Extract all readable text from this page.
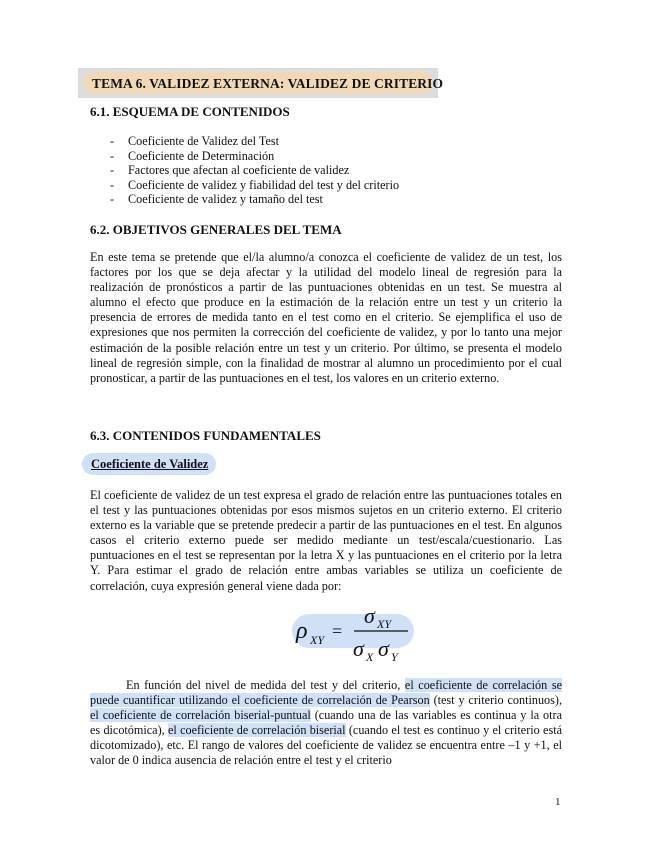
TEMA 6. VALIDEZ EXTERNA: VALIDEZ DE CRITERIO
6.1. ESQUEMA DE CONTENIDOS
- Coeficiente de Validez del Test
- Coeficiente de Determinación
- Factores que afectan al coeficiente de validez
- Coeficiente de validez y fiabilidad del test y del criterio
- Coeficiente de validez y tamaño del test
6.2. OBJETIVOS GENERALES DEL TEMA

En este tema se pretende que el/la alumno/a conozca el coeficiente de validez de un test, los factores por los que se deja afectar y la utilidad del modelo lineal de regresión para la realización de pronósticos a partir de las puntuaciones obtenidas en un test. Se muestra al alumno el efecto que produce en la estimación de la relación entre un test y un criterio la presencia de errores de medida tanto en el test como en el criterio. Se ejemplifica el uso de expresiones que nos permiten la corrección del coeficiente de validez, y por lo tanto una mejor estimación de la posible relación entre un test y un criterio. Por último, se presenta el modelo lineal de regresión simple, con la finalidad de mostrar al alumno un procedimiento por el cual pronosticar, a partir de las puntuaciones en el test, los valores en un criterio externo.

6.3. CONTENIDOS FUNDAMENTALES
Coeficiente de Validez

El coeficiente de validez de un test expresa el grado de relación entre las puntuaciones totales en el test y las puntuaciones obtenidas por esos mismos sujetos en un criterio externo. El criterio externo es la variable que se pretende predecir a partir de las puntuaciones en el test. En algunos casos el criterio externo puede ser medido mediante un test/escala/cuestionario. Las puntuaciones en el test se representan por la letra X y las puntuaciones en el criterio por la letra Y. Para estimar el grado de relación entre ambas variables se utiliza un coeficiente de correlación, cuya expresión general viene dada por:

ρ XY =
σ XY
σ X σ Y

En función del nivel de medida del test y del criterio, el coeficiente de correlación se puede cuantificar utilizando el coeficiente de correlación de Pearson (test y criterio continuos), el coeficiente de correlación biserial-puntual (cuando una de las variables es continua y la otra es dicotómica), el coeficiente de correlación biserial (cuando el test es continuo y el criterio está dicotomizado), etc. El rango de valores del coeficiente de validez se encuentra entre –1 y +1, el valor de 0 indica ausencia de relación entre el test y el criterio

1
